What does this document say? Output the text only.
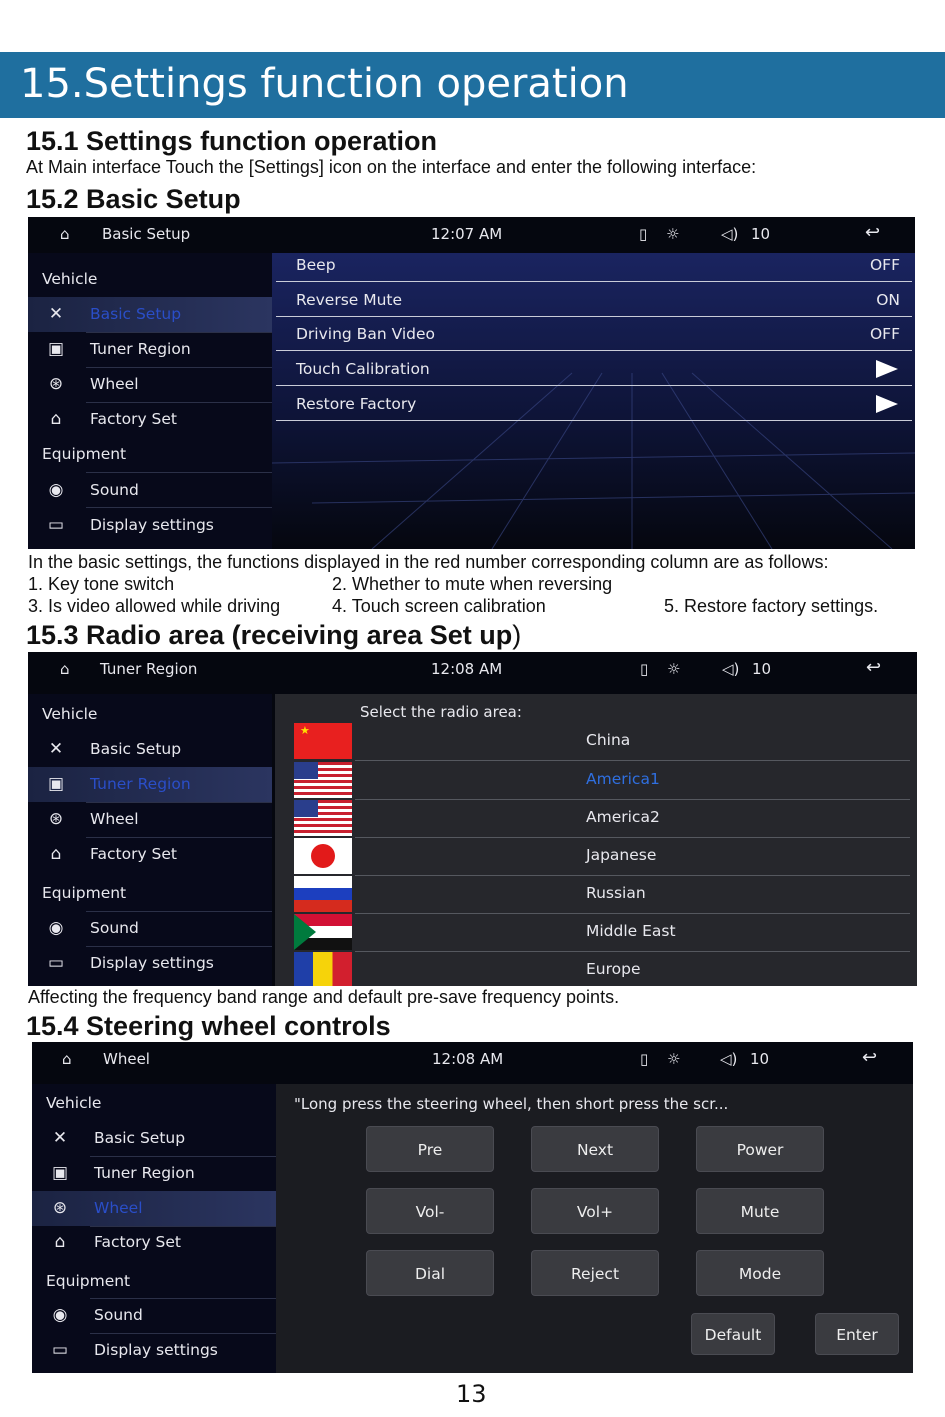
15.Settings function operation
15.1 Settings function operation
At Main interface Touch the [Settings] icon on the interface and enter the following interface:
15.2 Basic Setup
⌂ Basic Setup	12:07 AM	▯ ☼	◁) 10	↩
Vehicle
✕	Basic Setup
▣ Tuner Region
⊛	Wheel
⌂	Factory Set
Equipment
◉ Sound
▭ Display settings
Beep	OFF
Reverse Mute	ON
Driving Ban Video	OFF
Touch Calibration
Restore Factory
In the basic settings, the functions displayed in the red number corresponding column are as follows:
1. Key tone switch	2. Whether to mute when reversing
3. Is video allowed while driving	4. Touch screen calibration	5. Restore factory settings.
15.3 Radio area (receiving area Set up)
⌂ Tuner Region	12:08 AM	▯ ☼	◁) 10	↩
Vehicle
✕	Basic Setup
▣ Tuner Region
⊛	Wheel
⌂	Factory Set
Equipment
◉ Sound
▭ Display settings
Select the radio area:
★
China
America1
America2
Japanese
Russian
Middle East
Europe
Affecting the frequency band range and default pre-save frequency points.
15.4 Steering wheel controls
⌂ Wheel	12:08 AM	▯ ☼	◁) 10	↩
Vehicle
✕	Basic Setup
▣ Tuner Region
⊛	Wheel
⌂	Factory Set
Equipment
◉ Sound
▭ Display settings
"Long press the steering wheel, then short press the scr...
Pre	Next	Power
Vol-	Vol+	Mute
Dial	Reject	Mode
Default	Enter
13
